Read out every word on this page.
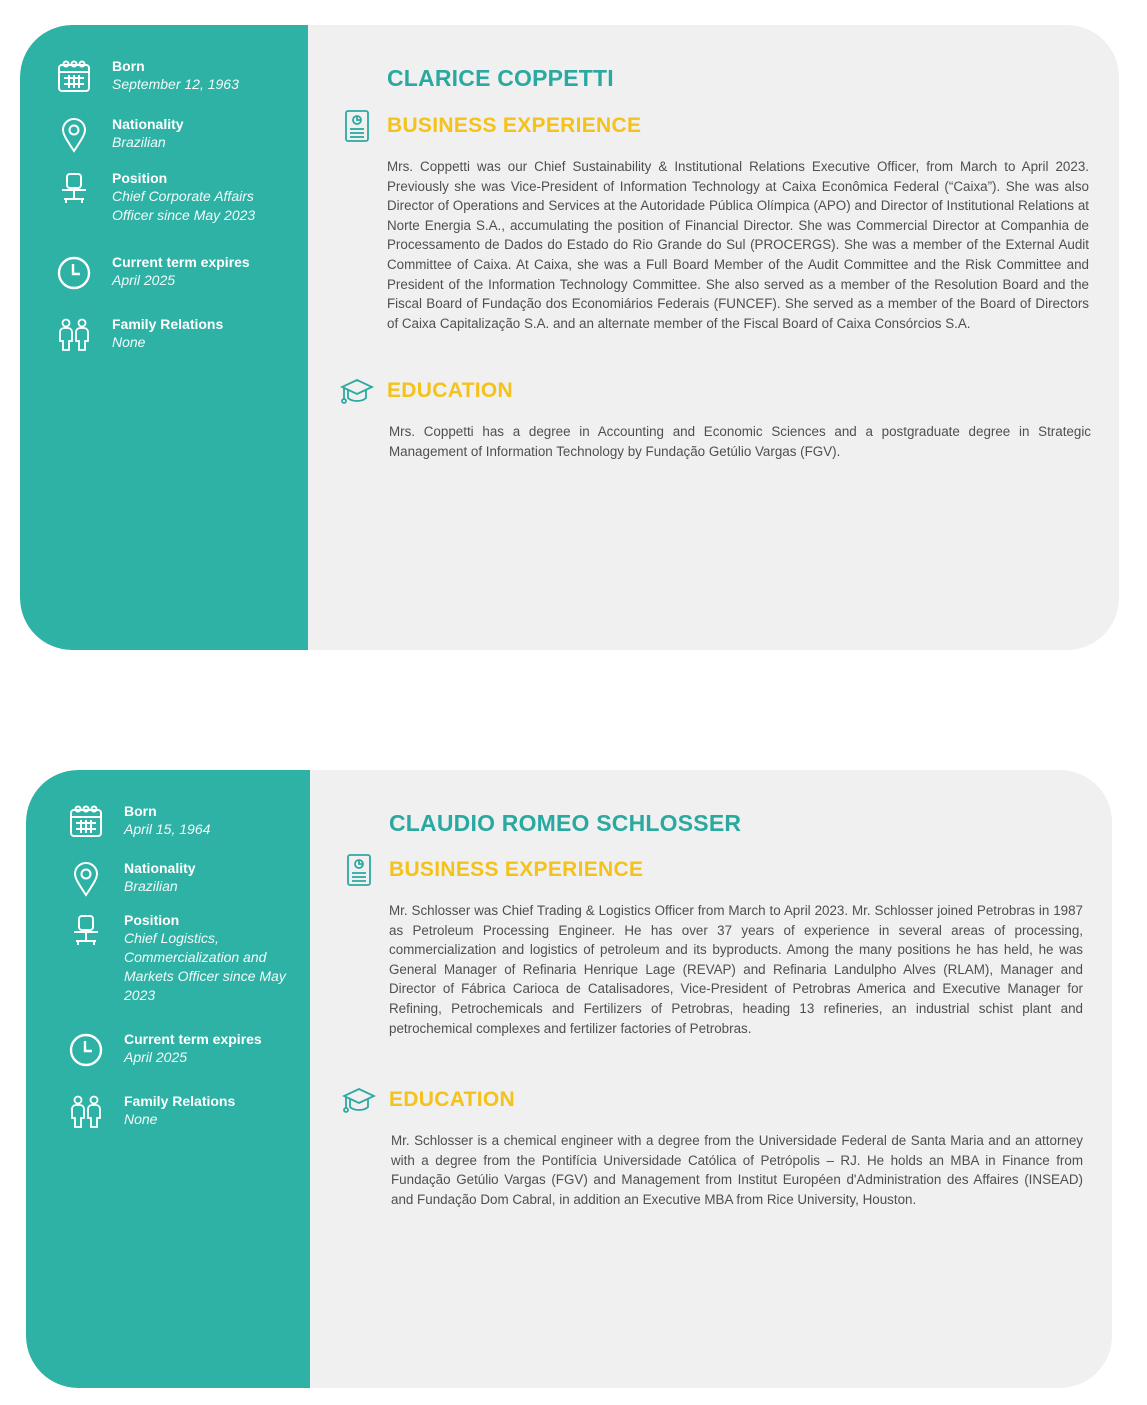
Born
September 12, 1963
Nationality
Brazilian
Position
Chief Corporate Affairs Officer since May 2023
Current term expires
April 2025
Family Relations
None
CLARICE COPPETTI
BUSINESS EXPERIENCE

Mrs. Coppetti was our Chief Sustainability & Institutional Relations Executive Officer, from March to April 2023. Previously she was Vice-President of Information Technology at Caixa Econômica Federal (“Caixa”). She was also Director of Operations and Services at the Autoridade Pública Olímpica (APO) and Director of Institutional Relations at Norte Energia S.A., accumulating the position of Financial Director. She was Commercial Director at Companhia de Processamento de Dados do Estado do Rio Grande do Sul (PROCERGS). She was a member of the External Audit Committee of Caixa. At Caixa, she was a Full Board Member of the Audit Committee and the Risk Committee and President of the Information Technology Committee. She also served as a member of the Resolution Board and the Fiscal Board of Fundação dos Economiários Federais (FUNCEF). She served as a member of the Board of Directors of Caixa Capitalização S.A. and an alternate member of the Fiscal Board of Caixa Consórcios S.A.

EDUCATION

Mrs. Coppetti has a degree in Accounting and Economic Sciences and a postgraduate degree in Strategic Management of Information Technology by Fundação Getúlio Vargas (FGV).

Born
April 15, 1964
Nationality
Brazilian
Position
Chief Logistics, Commercialization and Markets Officer since May 2023
Current term expires
April 2025
Family Relations
None
CLAUDIO ROMEO SCHLOSSER
BUSINESS EXPERIENCE

Mr. Schlosser was Chief Trading & Logistics Officer from March to April 2023. Mr. Schlosser joined Petrobras in 1987 as Petroleum Processing Engineer. He has over 37 years of experience in several areas of processing, commercialization and logistics of petroleum and its byproducts. Among the many positions he has held, he was General Manager of Refinaria Henrique Lage (REVAP) and Refinaria Landulpho Alves (RLAM), Manager and Director of Fábrica Carioca de Catalisadores, Vice-President of Petrobras America and Executive Manager for Refining, Petrochemicals and Fertilizers of Petrobras, heading 13 refineries, an industrial schist plant and petrochemical complexes and fertilizer factories of Petrobras.

EDUCATION

Mr. Schlosser is a chemical engineer with a degree from the Universidade Federal de Santa Maria and an attorney with a degree from the Pontifícia Universidade Católica of Petrópolis – RJ. He holds an MBA in Finance from Fundação Getúlio Vargas (FGV) and Management from Institut Européen d'Administration des Affaires (INSEAD) and Fundação Dom Cabral, in addition an Executive MBA from Rice University, Houston.
